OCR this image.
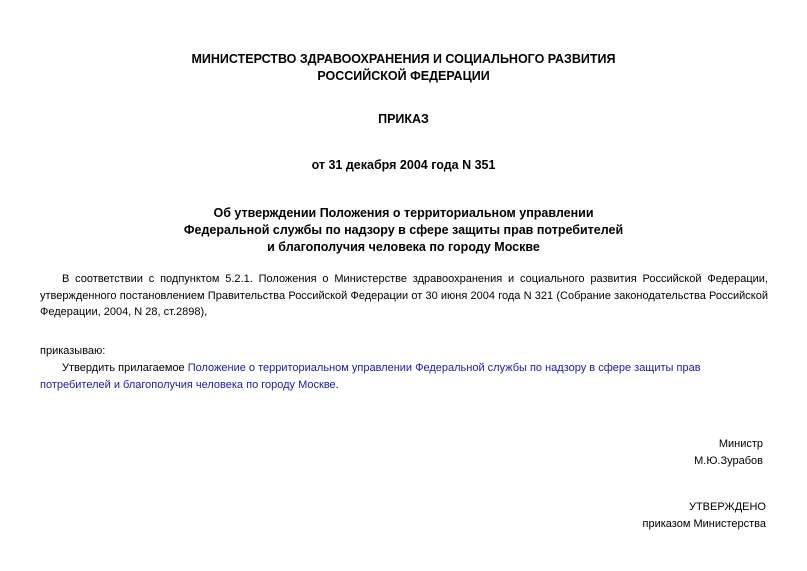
МИНИСТЕРСТВО ЗДРАВООХРАНЕНИЯ И СОЦИАЛЬНОГО РАЗВИТИЯ
РОССИЙСКОЙ ФЕДЕРАЦИИ
ПРИКАЗ
от 31 декабря 2004 года N 351
Об утверждении Положения о территориальном управлении
Федеральной службы по надзору в сфере защиты прав потребителей
и благополучия человека по городу Москве
В соответствии с подпунктом 5.2.1. Положения о Министерстве здравоохранения и социального развития Российской Федерации, утвержденного постановлением Правительства Российской Федерации от 30 июня 2004 года N 321 (Собрание законодательства Российской Федерации, 2004, N 28, ст.2898),
приказываю:
Утвердить прилагаемое Положение о территориальном управлении Федеральной службы по надзору в сфере защиты прав потребителей и благополучия человека по городу Москве.
Министр
М.Ю.Зурабов
УТВЕРЖДЕНО
приказом Министерства
